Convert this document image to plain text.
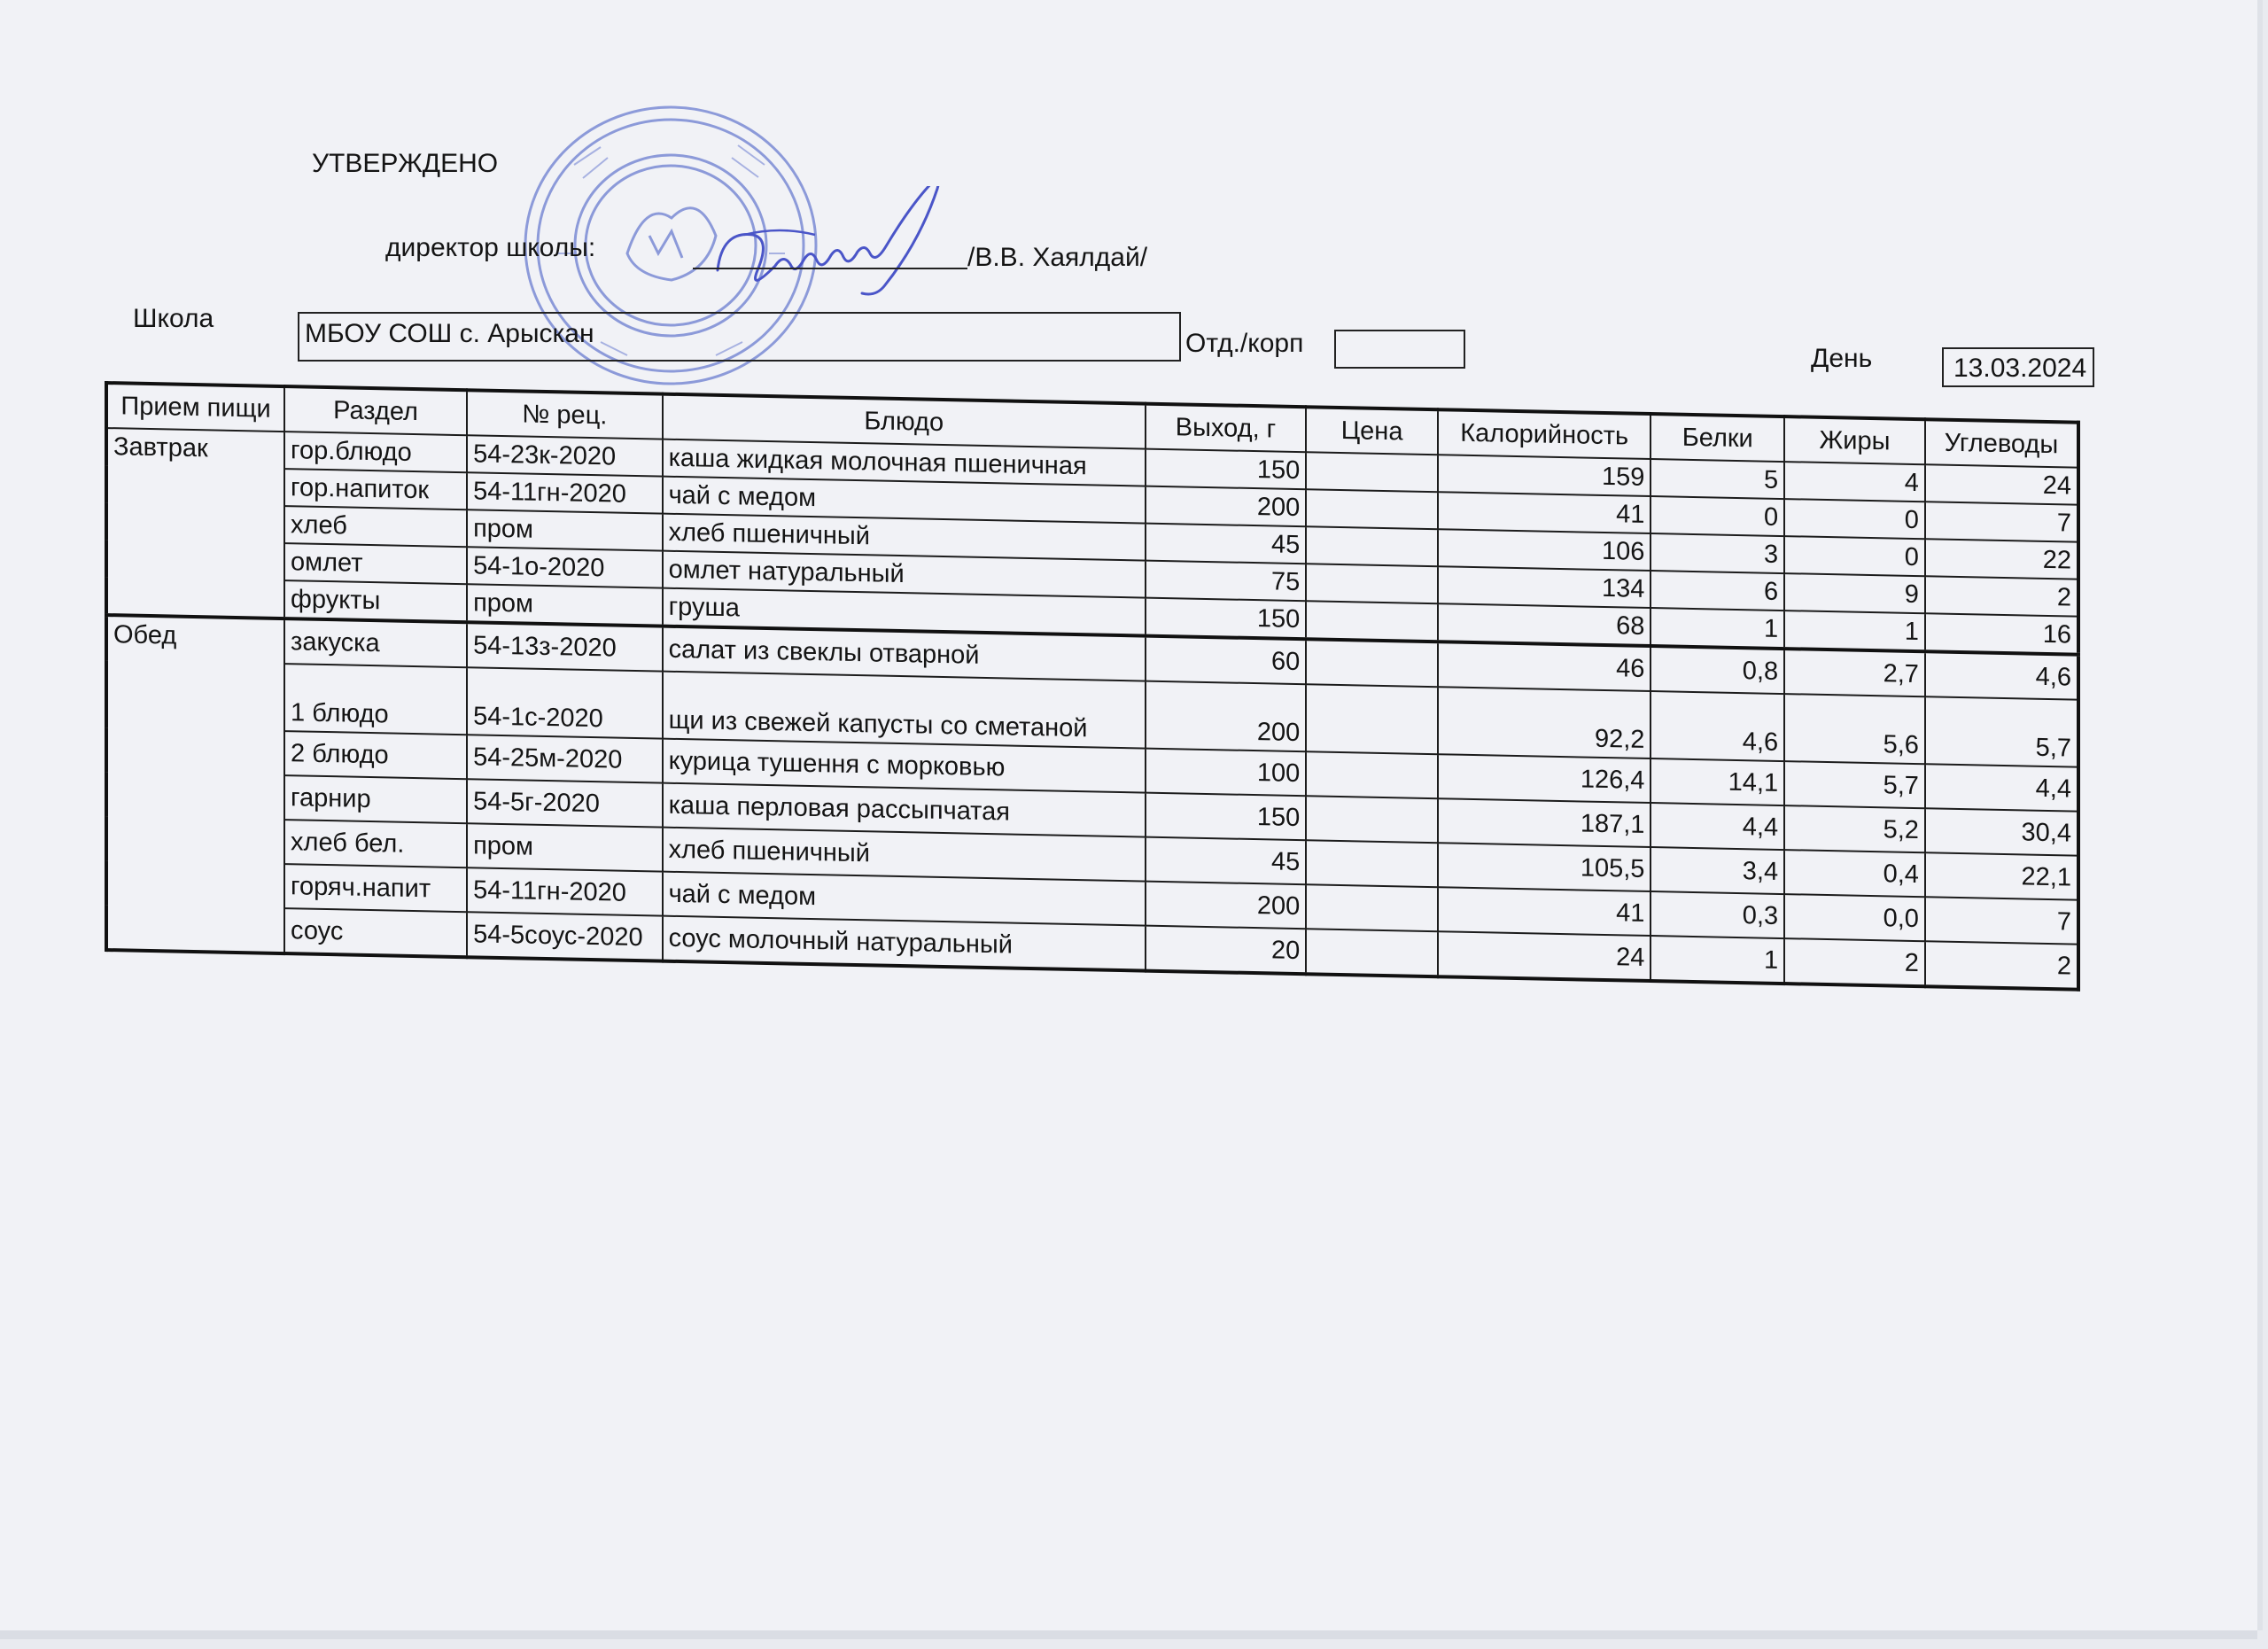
УТВЕРЖДЕНО
директор школы:	/В.В. Хаялдай/
Школа
МБОУ СОШ с. Арыскан	Отд./корп
День	13.03.2024
Прием пищи	Раздел	№ рец.	Блюдо	Выход, г	Цена	Калорийность	Белки	Жиры	Углеводы
Завтрак	гор.блюдо	54-23к-2020	каша жидкая молочная пшеничная	150		159	5	4	24
	гор.напиток	54-11гн-2020	чай с медом	200		41	0	0	7
	хлеб	пром	хлеб пшеничный	45		106	3	0	22
	омлет	54-1о-2020	омлет натуральный	75		134	6	9	2
	фрукты	пром	груша	150		68	1	1	16
Обед	закуска	54-13з-2020	салат из свеклы отварной	60		46	0,8	2,7	4,6
	1 блюдо	54-1с-2020	щи из свежей капусты со сметаной	200		92,2	4,6	5,6	5,7
	2 блюдо	54-25м-2020	курица тушення с морковью	100		126,4	14,1	5,7	4,4
	гарнир	54-5г-2020	каша перловая рассыпчатая	150		187,1	4,4	5,2	30,4
	хлеб бел.	пром	хлеб пшеничный	45		105,5	3,4	0,4	22,1
	горяч.напит	54-11гн-2020	чай с медом	200		41	0,3	0,0	7
	соус	54-5соус-2020	соус молочный натуральный	20		24	1	2	2
